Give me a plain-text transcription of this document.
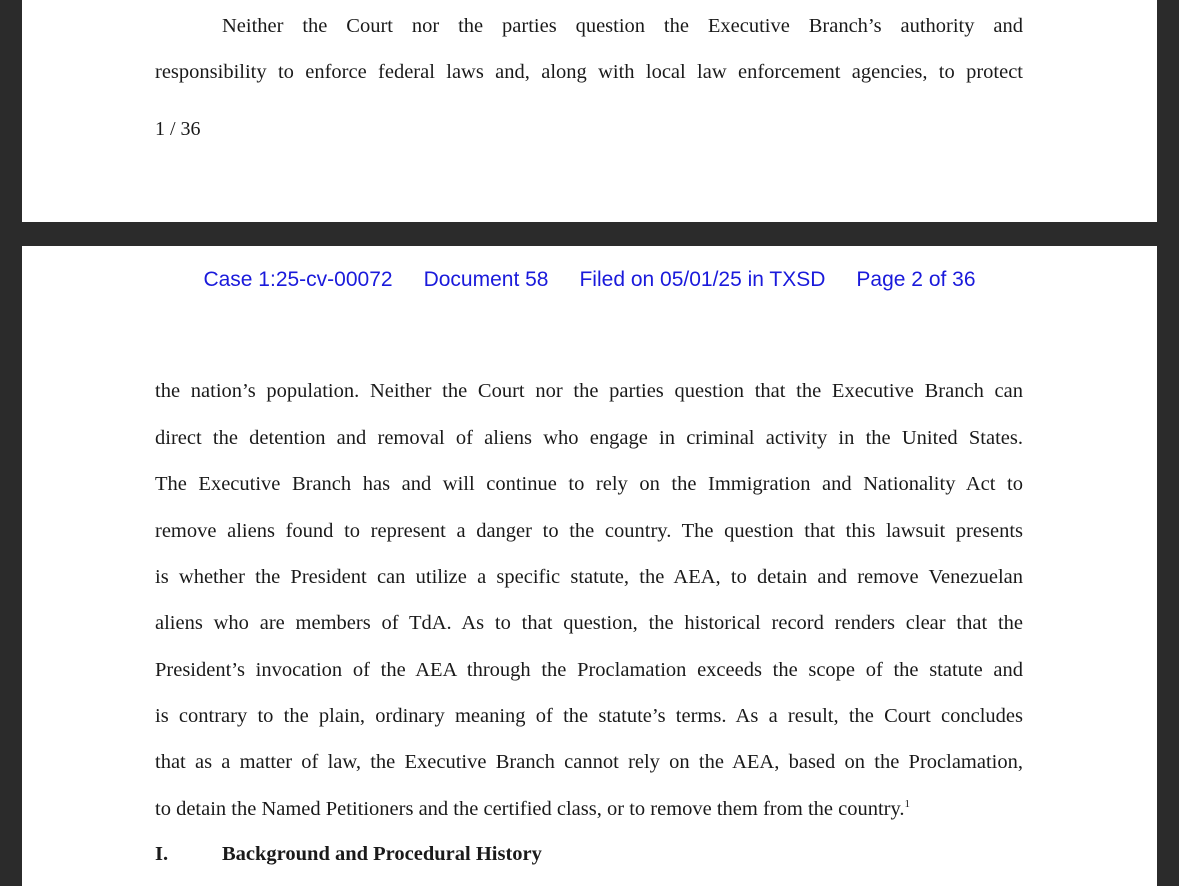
Neither the Court nor the parties question the Executive Branch’s authority and
responsibility to enforce federal laws and, along with local law enforcement agencies, to protect
1 / 36
Case 1:25-cv-00072 Document 58 Filed on 05/01/25 in TXSD Page 2 of 36
the nation’s population. Neither the Court nor the parties question that the Executive Branch can
direct the detention and removal of aliens who engage in criminal activity in the United States.
The Executive Branch has and will continue to rely on the Immigration and Nationality Act to
remove aliens found to represent a danger to the country. The question that this lawsuit presents
is whether the President can utilize a specific statute, the AEA, to detain and remove Venezuelan
aliens who are members of TdA. As to that question, the historical record renders clear that the
President’s invocation of the AEA through the Proclamation exceeds the scope of the statute and
is contrary to the plain, ordinary meaning of the statute’s terms. As a result, the Court concludes
that as a matter of law, the Executive Branch cannot rely on the AEA, based on the Proclamation,
to detain the Named Petitioners and the certified class, or to remove them from the country.$^1$
I.	Background and Procedural History
